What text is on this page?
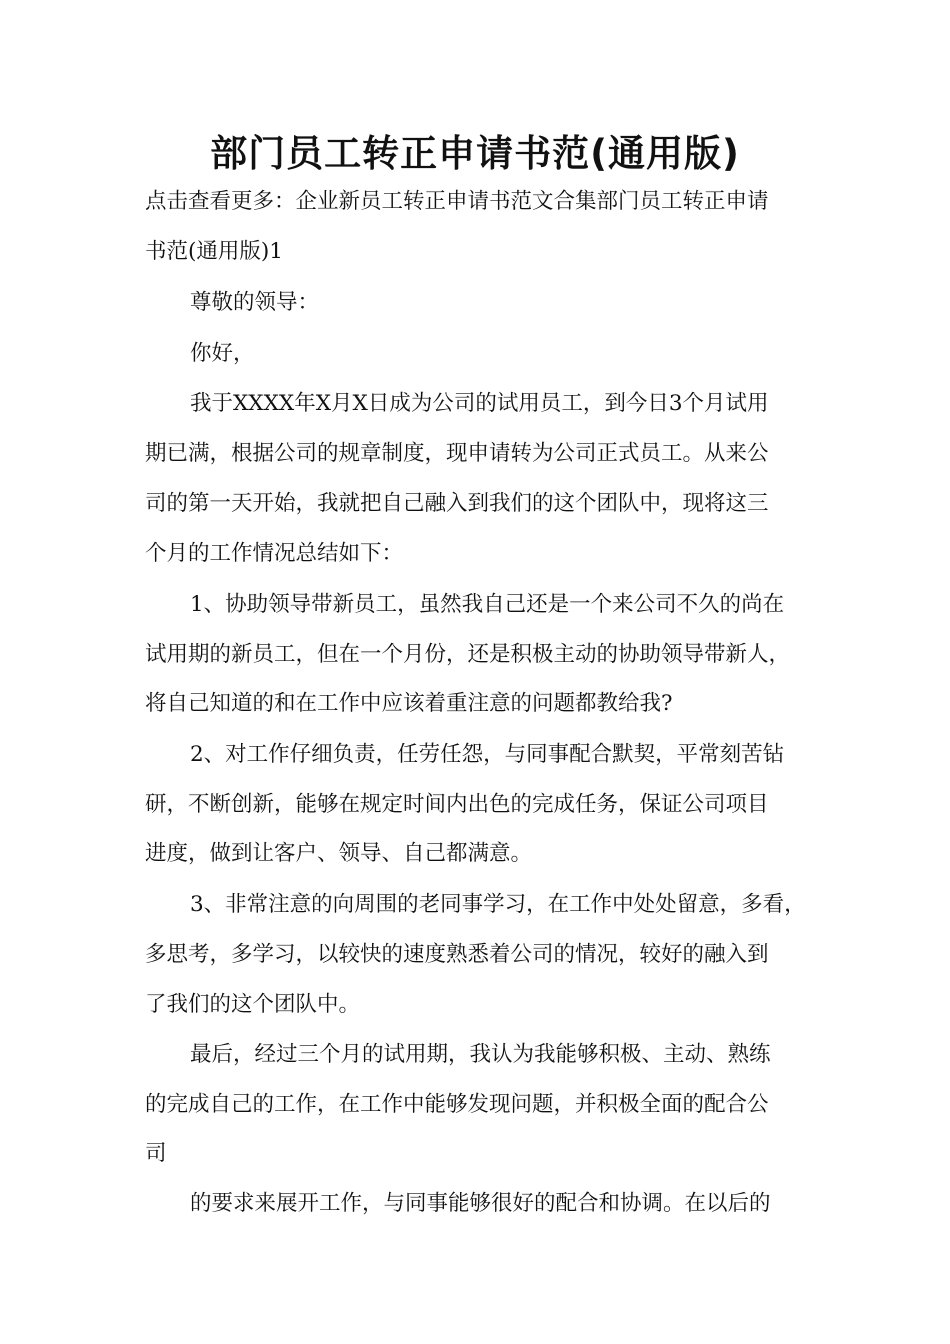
部门员工转正申请书范(通用版)

点击查看更多：企业新员工转正申请书范文合集部门员工转正申请

书范(通用版)1

尊敬的领导：

你好，

我于XXXX年X月X日成为公司的试用员工，到今日3个月试用

期已满，根据公司的规章制度，现申请转为公司正式员工。从来公

司的第一天开始，我就把自己融入到我们的这个团队中，现将这三

个月的工作情况总结如下：

1、协助领导带新员工，虽然我自己还是一个来公司不久的尚在

试用期的新员工，但在一个月份，还是积极主动的协助领导带新人，

将自己知道的和在工作中应该着重注意的问题都教给我?

2、对工作仔细负责，任劳任怨，与同事配合默契，平常刻苦钻

研，不断创新，能够在规定时间内出色的完成任务，保证公司项目

进度，做到让客户、领导、自己都满意。

3、非常注意的向周围的老同事学习，在工作中处处留意，多看，

多思考，多学习，以较快的速度熟悉着公司的情况，较好的融入到

了我们的这个团队中。

最后，经过三个月的试用期，我认为我能够积极、主动、熟练

的完成自己的工作，在工作中能够发现问题，并积极全面的配合公

司

的要求来展开工作，与同事能够很好的配合和协调。在以后的
